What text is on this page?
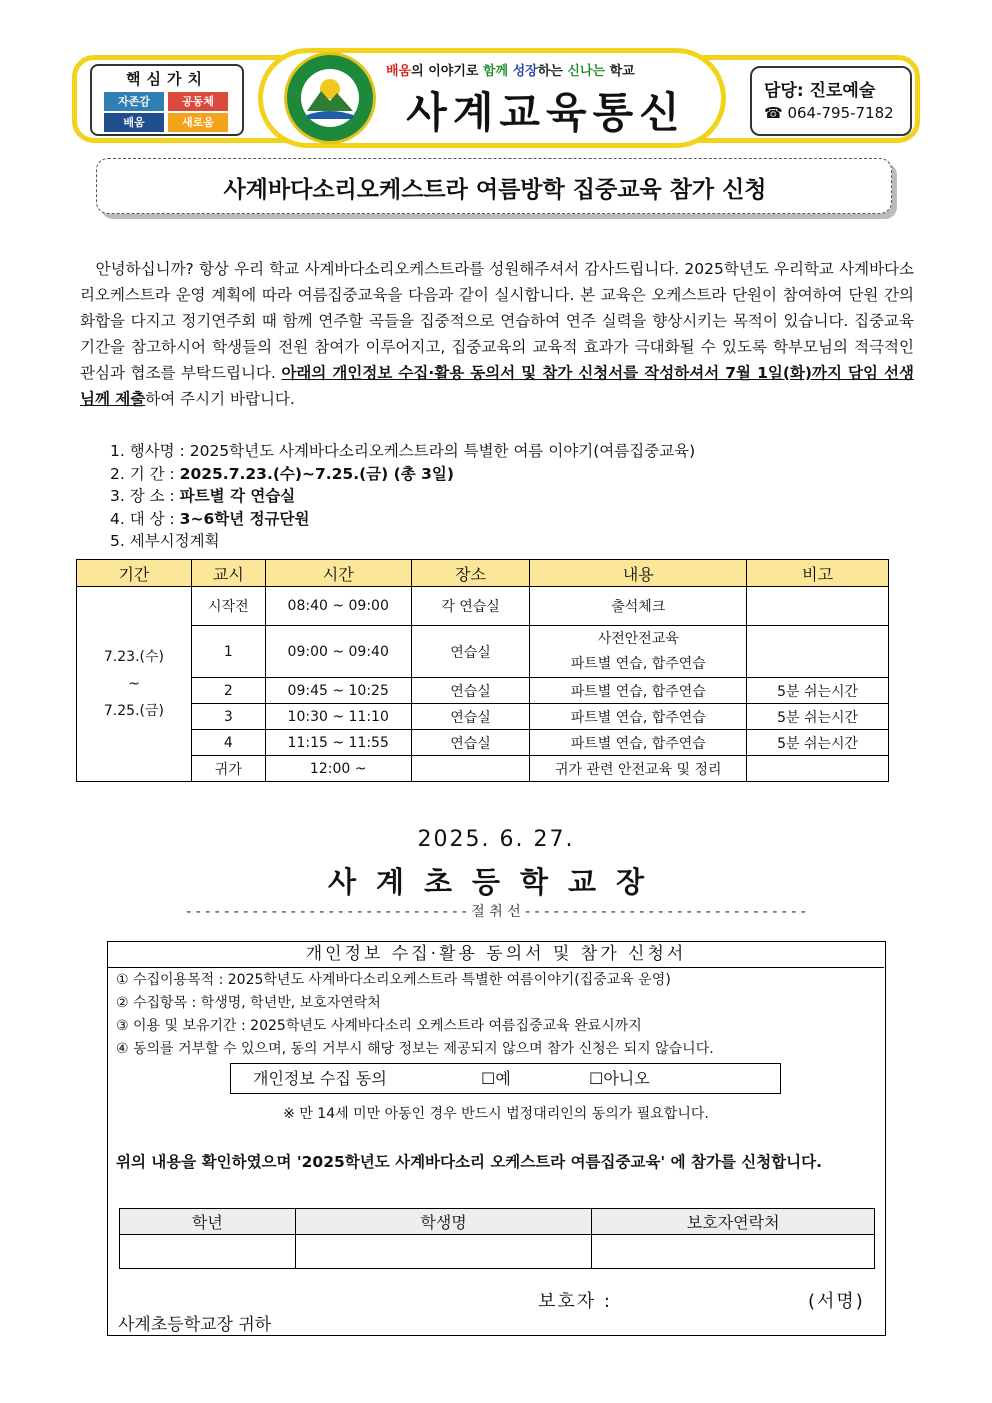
핵심가치
자존감	공동체
배움	새로움
배움의 이야기로 함께 성장하는 신나는 학교
사계교육통신	담당: 진로예술
☎ 064-795-7182
사계바다소리오케스트라 여름방학 집중교육 참가 신청
안녕하십니까? 항상 우리 학교 사계바다소리오케스트라를 성원해주셔서 감사드립니다. 2025학년도 우리학교 사계바다소리오케스트라 운영 계획에 따라 여름집중교육을 다음과 같이 실시합니다. 본 교육은 오케스트라 단원이 참여하여 단원 간의 화합을 다지고 정기연주회 때 함께 연주할 곡들을 집중적으로 연습하여 연주 실력을 향상시키는 목적이 있습니다. 집중교육 기간을 참고하시어 학생들의 전원 참여가 이루어지고, 집중교육의 교육적 효과가 극대화될 수 있도록 학부모님의 적극적인 관심과 협조를 부탁드립니다. 아래의 개인정보 수집·활용 동의서 및 참가 신청서를 작성하셔서 7월 1일(화)까지 담임 선생님께 제출하여 주시기 바랍니다.
1. 행사명 : 2025학년도 사계바다소리오케스트라의 특별한 여름 이야기(여름집중교육)
2. 기 간 : 2025.7.23.(수)~7.25.(금) (총 3일)
3. 장 소 : 파트별 각 연습실
4. 대 상 : 3~6학년 정규단원
5. 세부시정계획
기간	교시	시간	장소	내용	비고

7.23.(수)
~
7.25.(금)	시작전	08:40 ~ 09:00	각 연습실	출석체크	
	1	09:00 ~ 09:40	연습실	사전안전교육
파트별 연습, 합주연습	

	2	09:45 ~ 10:25	연습실	파트별 연습, 합주연습	5분 쉬는시간
	3	10:30 ~ 11:10	연습실	파트별 연습, 합주연습	5분 쉬는시간
	4	11:15 ~ 11:55	연습실	파트별 연습, 합주연습	5분 쉬는시간
	귀가	12:00 ~		귀가 관련 안전교육 및 정리	
2025. 6. 27.
사계초등학교장
- - - - - - - - - - - - - - - - - - - - - - - - - - - - - - 절 취 선 - - - - - - - - - - - - - - - - - - - - - - - - - - - - - -
개인정보 수집·활용 동의서 및 참가 신청서
① 수집이용목적 : 2025학년도 사계바다소리오케스트라 특별한 여름이야기(집중교육 운영)
② 수집항목 : 학생명, 학년반, 보호자연락처
③ 이용 및 보유기간 : 2025학년도 사계바다소리 오케스트라 여름집중교육 완료시까지
④ 동의를 거부할 수 있으며, 동의 거부시 해당 정보는 제공되지 않으며 참가 신청은 되지 않습니다.
개인정보 수집 동의	☐예	☐아니오
※ 만 14세 미만 아동인 경우 반드시 법정대리인의 동의가 필요합니다.
위의 내용을 확인하였으며 '2025학년도 사계바다소리 오케스트라 여름집중교육' 에 참가를 신청합니다.
학년	학생명	보호자연락처

보호자 :	(서명)
사계초등학교장 귀하
